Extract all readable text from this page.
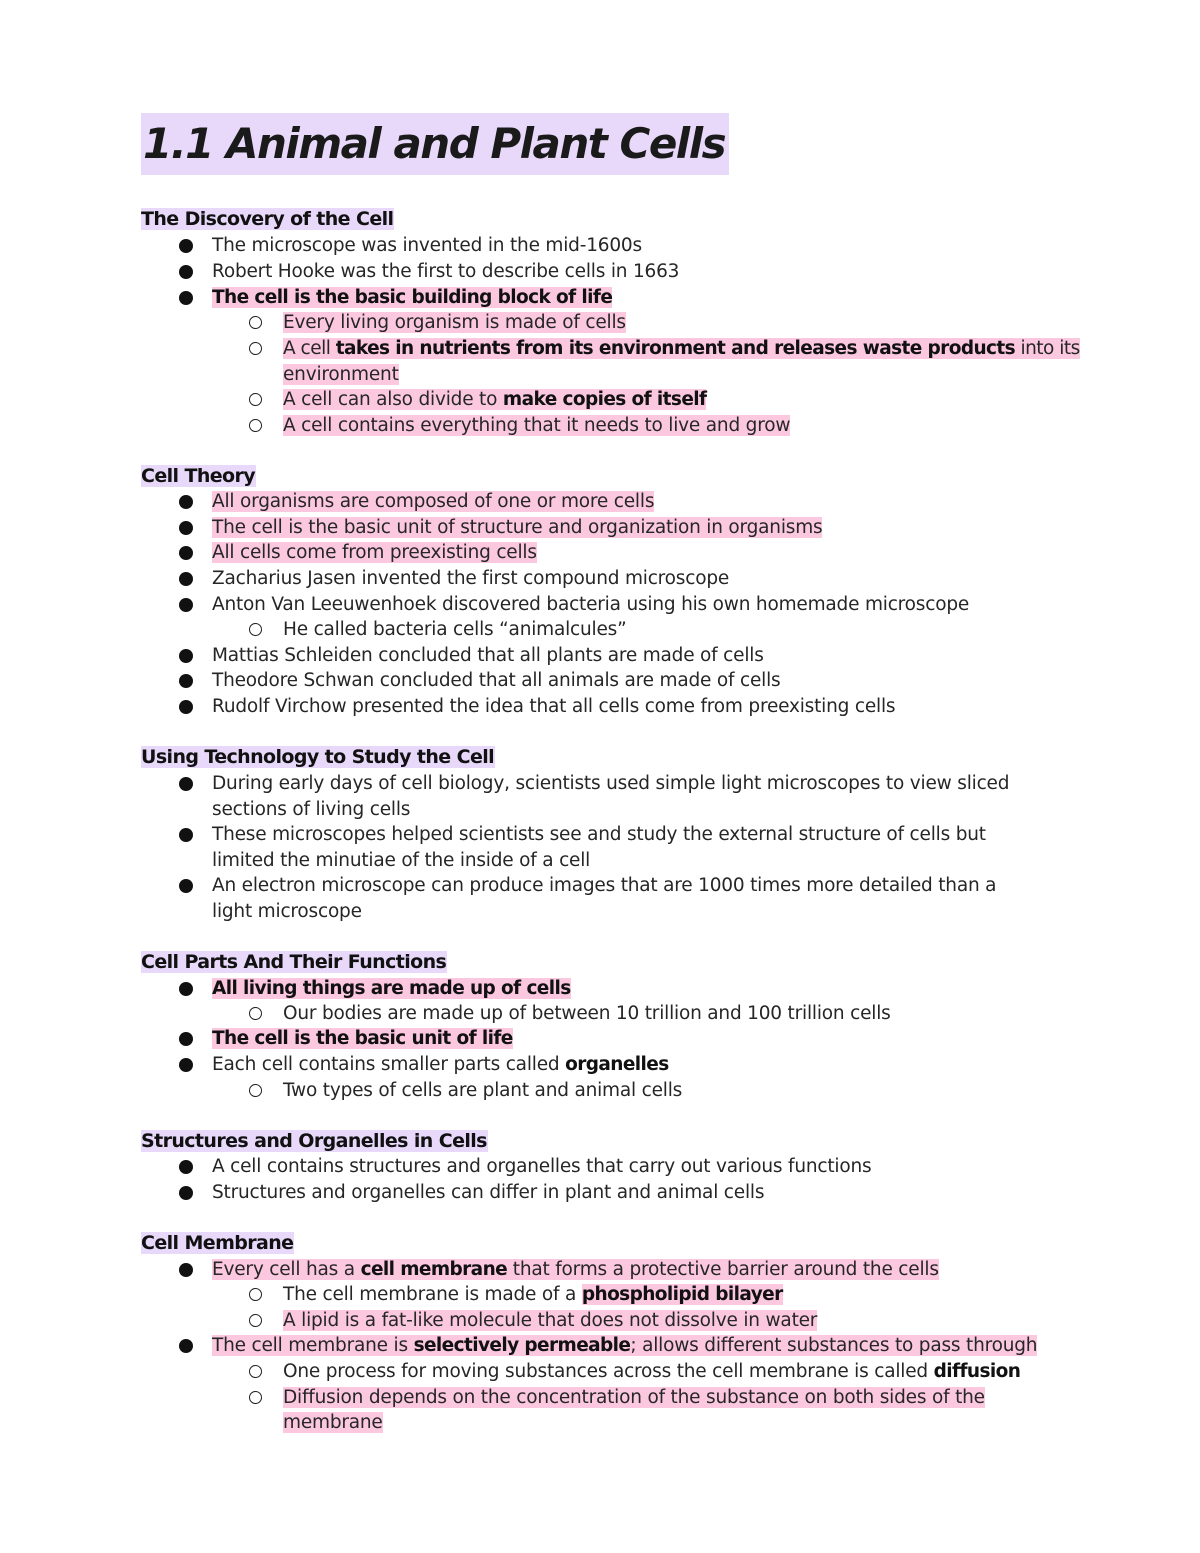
1.1 Animal and Plant Cells
The Discovery of the Cell
The microscope was invented in the mid-1600s
Robert Hooke was the first to describe cells in 1663
The cell is the basic building block of life
Every living organism is made of cells
A cell takes in nutrients from its environment and releases waste products into its
environment
A cell can also divide to make copies of itself
A cell contains everything that it needs to live and grow
Cell Theory
All organisms are composed of one or more cells
The cell is the basic unit of structure and organization in organisms
All cells come from preexisting cells
Zacharius Jasen invented the first compound microscope
Anton Van Leeuwenhoek discovered bacteria using his own homemade microscope
He called bacteria cells “animalcules”
Mattias Schleiden concluded that all plants are made of cells
Theodore Schwan concluded that all animals are made of cells
Rudolf Virchow presented the idea that all cells come from preexisting cells
Using Technology to Study the Cell
During early days of cell biology, scientists used simple light microscopes to view sliced
sections of living cells
These microscopes helped scientists see and study the external structure of cells but
limited the minutiae of the inside of a cell
An electron microscope can produce images that are 1000 times more detailed than a
light microscope
Cell Parts And Their Functions
All living things are made up of cells
Our bodies are made up of between 10 trillion and 100 trillion cells
The cell is the basic unit of life
Each cell contains smaller parts called organelles
Two types of cells are plant and animal cells
Structures and Organelles in Cells
A cell contains structures and organelles that carry out various functions
Structures and organelles can differ in plant and animal cells
Cell Membrane
Every cell has a cell membrane that forms a protective barrier around the cells
The cell membrane is made of a phospholipid bilayer
A lipid is a fat-like molecule that does not dissolve in water
The cell membrane is selectively permeable; allows different substances to pass through
One process for moving substances across the cell membrane is called diffusion
Diffusion depends on the concentration of the substance on both sides of the
membrane
